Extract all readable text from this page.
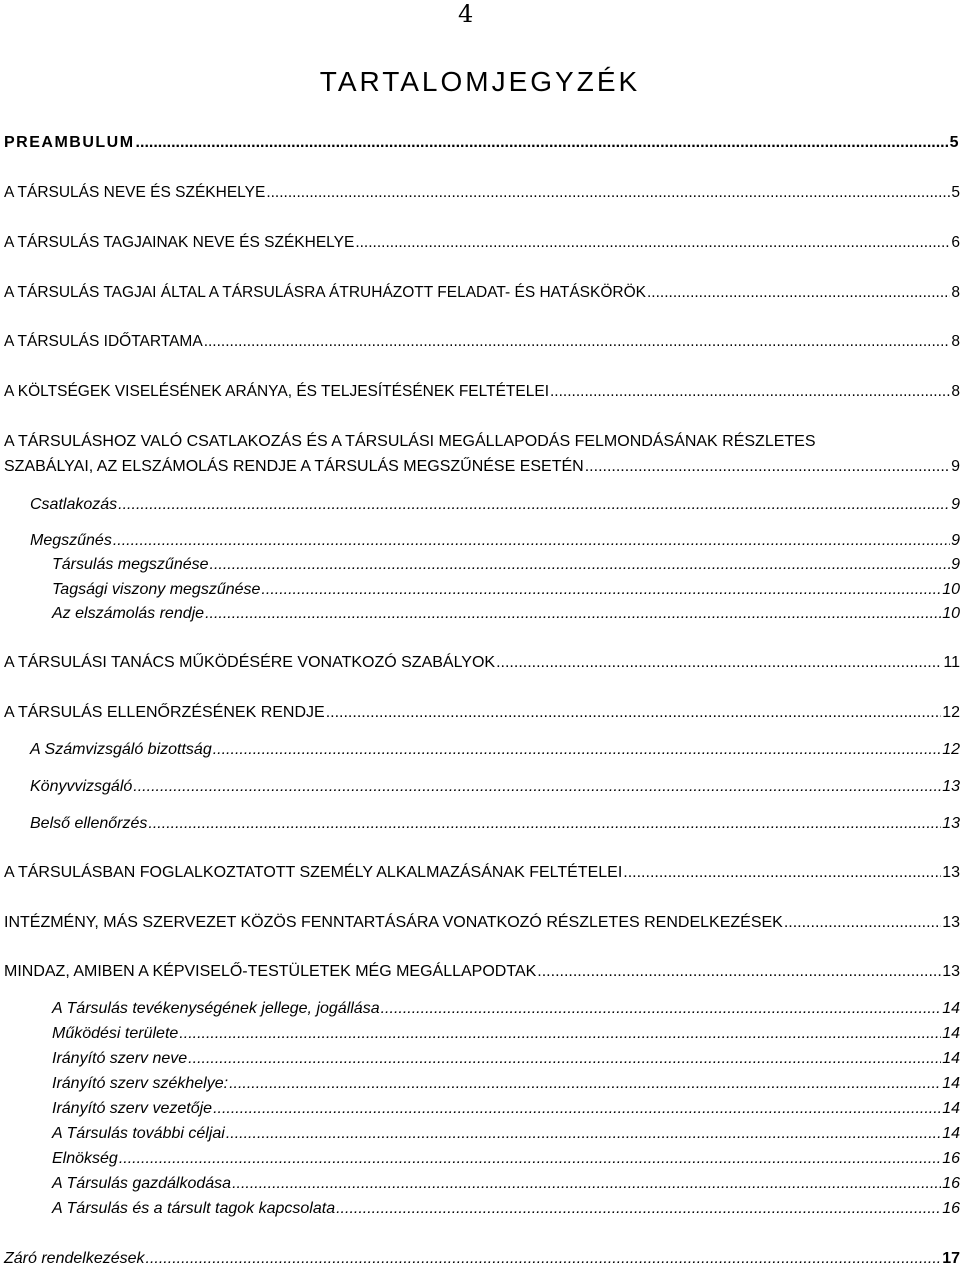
4
TARTALOMJEGYZÉK
PREAMBULUM .....	5
A TÁRSULÁS NEVE ÉS SZÉKHELYE .....	5
A TÁRSULÁS TAGJAINAK NEVE ÉS SZÉKHELYE .....	6
A TÁRSULÁS TAGJAI ÁLTAL A TÁRSULÁSRA ÁTRUHÁZOTT FELADAT- ÉS HATÁSKÖRÖK .....	8
A TÁRSULÁS IDŐTARTAMA .....	8
A KÖLTSÉGEK VISELÉSÉNEK ARÁNYA, ÉS TELJESÍTÉSÉNEK FELTÉTELEI .....	8
A TÁRSULÁSHOZ VALÓ CSATLAKOZÁS ÉS A TÁRSULÁSI MEGÁLLAPODÁS FELMONDÁSÁNAK RÉSZLETES
SZABÁLYAI, AZ ELSZÁMOLÁS RENDJE A TÁRSULÁS MEGSZŰNÉSE ESETÉN .....	9
Csatlakozás .....	9
Megszűnés .....	9
Társulás megszűnése .....	9
Tagsági viszony megszűnése .....	10
Az elszámolás rendje .....	10
A TÁRSULÁSI TANÁCS MŰKÖDÉSÉRE VONATKOZÓ SZABÁLYOK .....	11
A TÁRSULÁS ELLENŐRZÉSÉNEK RENDJE .....	12
A Számvizsgáló bizottság .....	12
Könyvvizsgáló .....	13
Belső ellenőrzés .....	13
A TÁRSULÁSBAN FOGLALKOZTATOTT SZEMÉLY ALKALMAZÁSÁNAK FELTÉTELEI .....	13
INTÉZMÉNY, MÁS SZERVEZET KÖZÖS FENNTARTÁSÁRA VONATKOZÓ RÉSZLETES RENDELKEZÉSEK .....	13
MINDAZ, AMIBEN A KÉPVISELŐ-TESTÜLETEK MÉG MEGÁLLAPODTAK .....	13
A Társulás tevékenységének jellege, jogállása .....	14
Működési területe .....	14
Irányító szerv neve .....	14
Irányító szerv székhelye: .....	14
Irányító szerv vezetője .....	14
A Társulás további céljai .....	14
Elnökség .....	16
A Társulás gazdálkodása .....	16
A Társulás és a társult tagok kapcsolata .....	16
Záró rendelkezések .....	17
